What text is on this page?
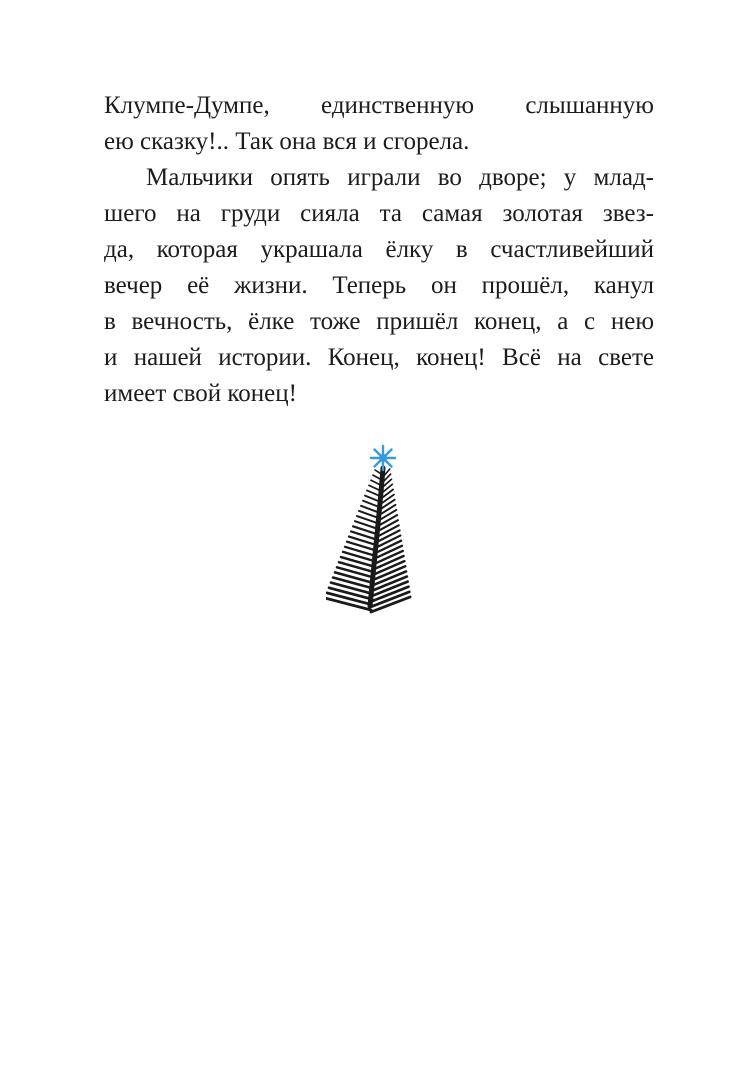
Клумпе-Думпе, единственную слышанную
ею сказку!.. Так она вся и сгорела.
Мальчики опять играли во дворе; у млад-
шего на груди сияла та самая золотая звез-
да, которая украшала ёлку в счастливейший
вечер её жизни. Теперь он прошёл, канул
в вечность, ёлке тоже пришёл конец, а с нею
и нашей истории. Конец, конец! Всё на свете
имеет свой конец!
